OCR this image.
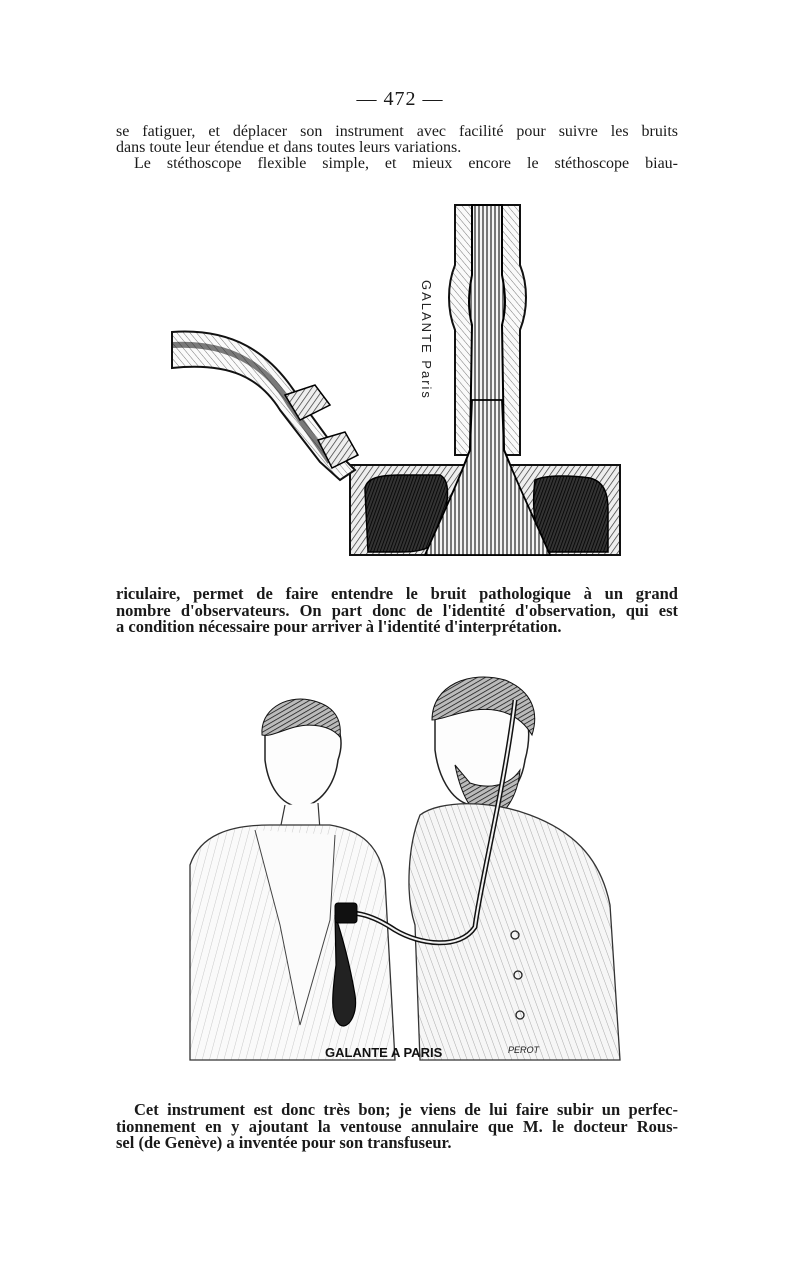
— 472 —
se fatiguer, et déplacer son instrument avec facilité pour suivre les bruits
dans toute leur étendue et dans toutes leurs variations.
Le stéthoscope flexible simple, et mieux encore le stéthoscope biau-
GALANTE Paris
riculaire, permet de faire entendre le bruit pathologique à un grand
nombre d'observateurs. On part donc de l'identité d'observation, qui est
a condition nécessaire pour arriver à l'identité d'interprétation.
GALANTE A PARIS	PEROT
Cet instrument est donc très bon; je viens de lui faire subir un perfec-
tionnement en y ajoutant la ventouse annulaire que M. le docteur Rous-
sel (de Genève) a inventée pour son transfuseur.
